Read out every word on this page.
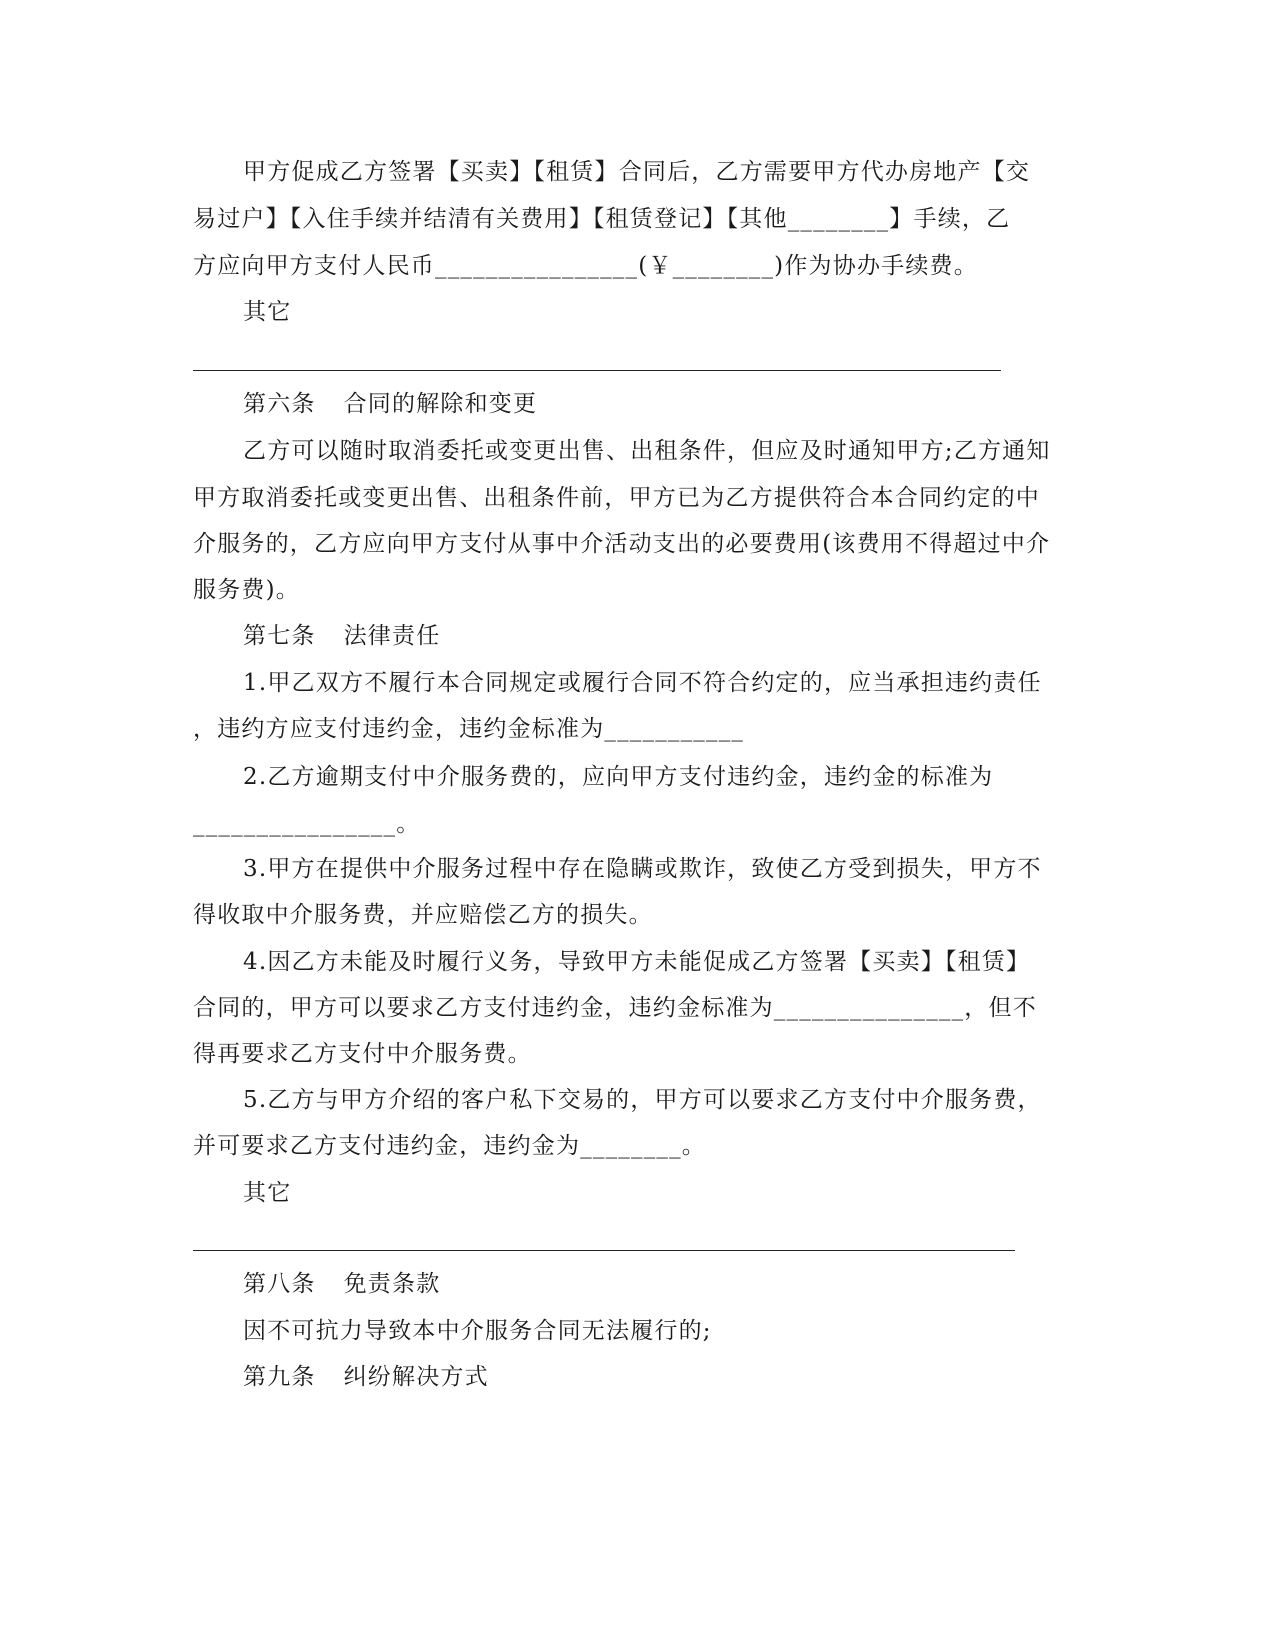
甲方促成乙方签署【买卖】【租赁】合同后，乙方需要甲方代办房地产【交
易过户】【入住手续并结清有关费用】【租赁登记】【其他________】手续，乙
方应向甲方支付人民币________________(￥________)作为协办手续费。
其它
第六条 合同的解除和变更
乙方可以随时取消委托或变更出售、出租条件，但应及时通知甲方;乙方通知
甲方取消委托或变更出售、出租条件前，甲方已为乙方提供符合本合同约定的中
介服务的，乙方应向甲方支付从事中介活动支出的必要费用(该费用不得超过中介
服务费)。
第七条 法律责任
1.甲乙双方不履行本合同规定或履行合同不符合约定的，应当承担违约责任
，违约方应支付违约金，违约金标准为___________
2.乙方逾期支付中介服务费的，应向甲方支付违约金，违约金的标准为
________________。
3.甲方在提供中介服务过程中存在隐瞒或欺诈，致使乙方受到损失，甲方不
得收取中介服务费，并应赔偿乙方的损失。
4.因乙方未能及时履行义务，导致甲方未能促成乙方签署【买卖】【租赁】
合同的，甲方可以要求乙方支付违约金，违约金标准为_______________，但不
得再要求乙方支付中介服务费。
5.乙方与甲方介绍的客户私下交易的，甲方可以要求乙方支付中介服务费，
并可要求乙方支付违约金，违约金为________。
其它
第八条 免责条款
因不可抗力导致本中介服务合同无法履行的;
第九条 纠纷解决方式
